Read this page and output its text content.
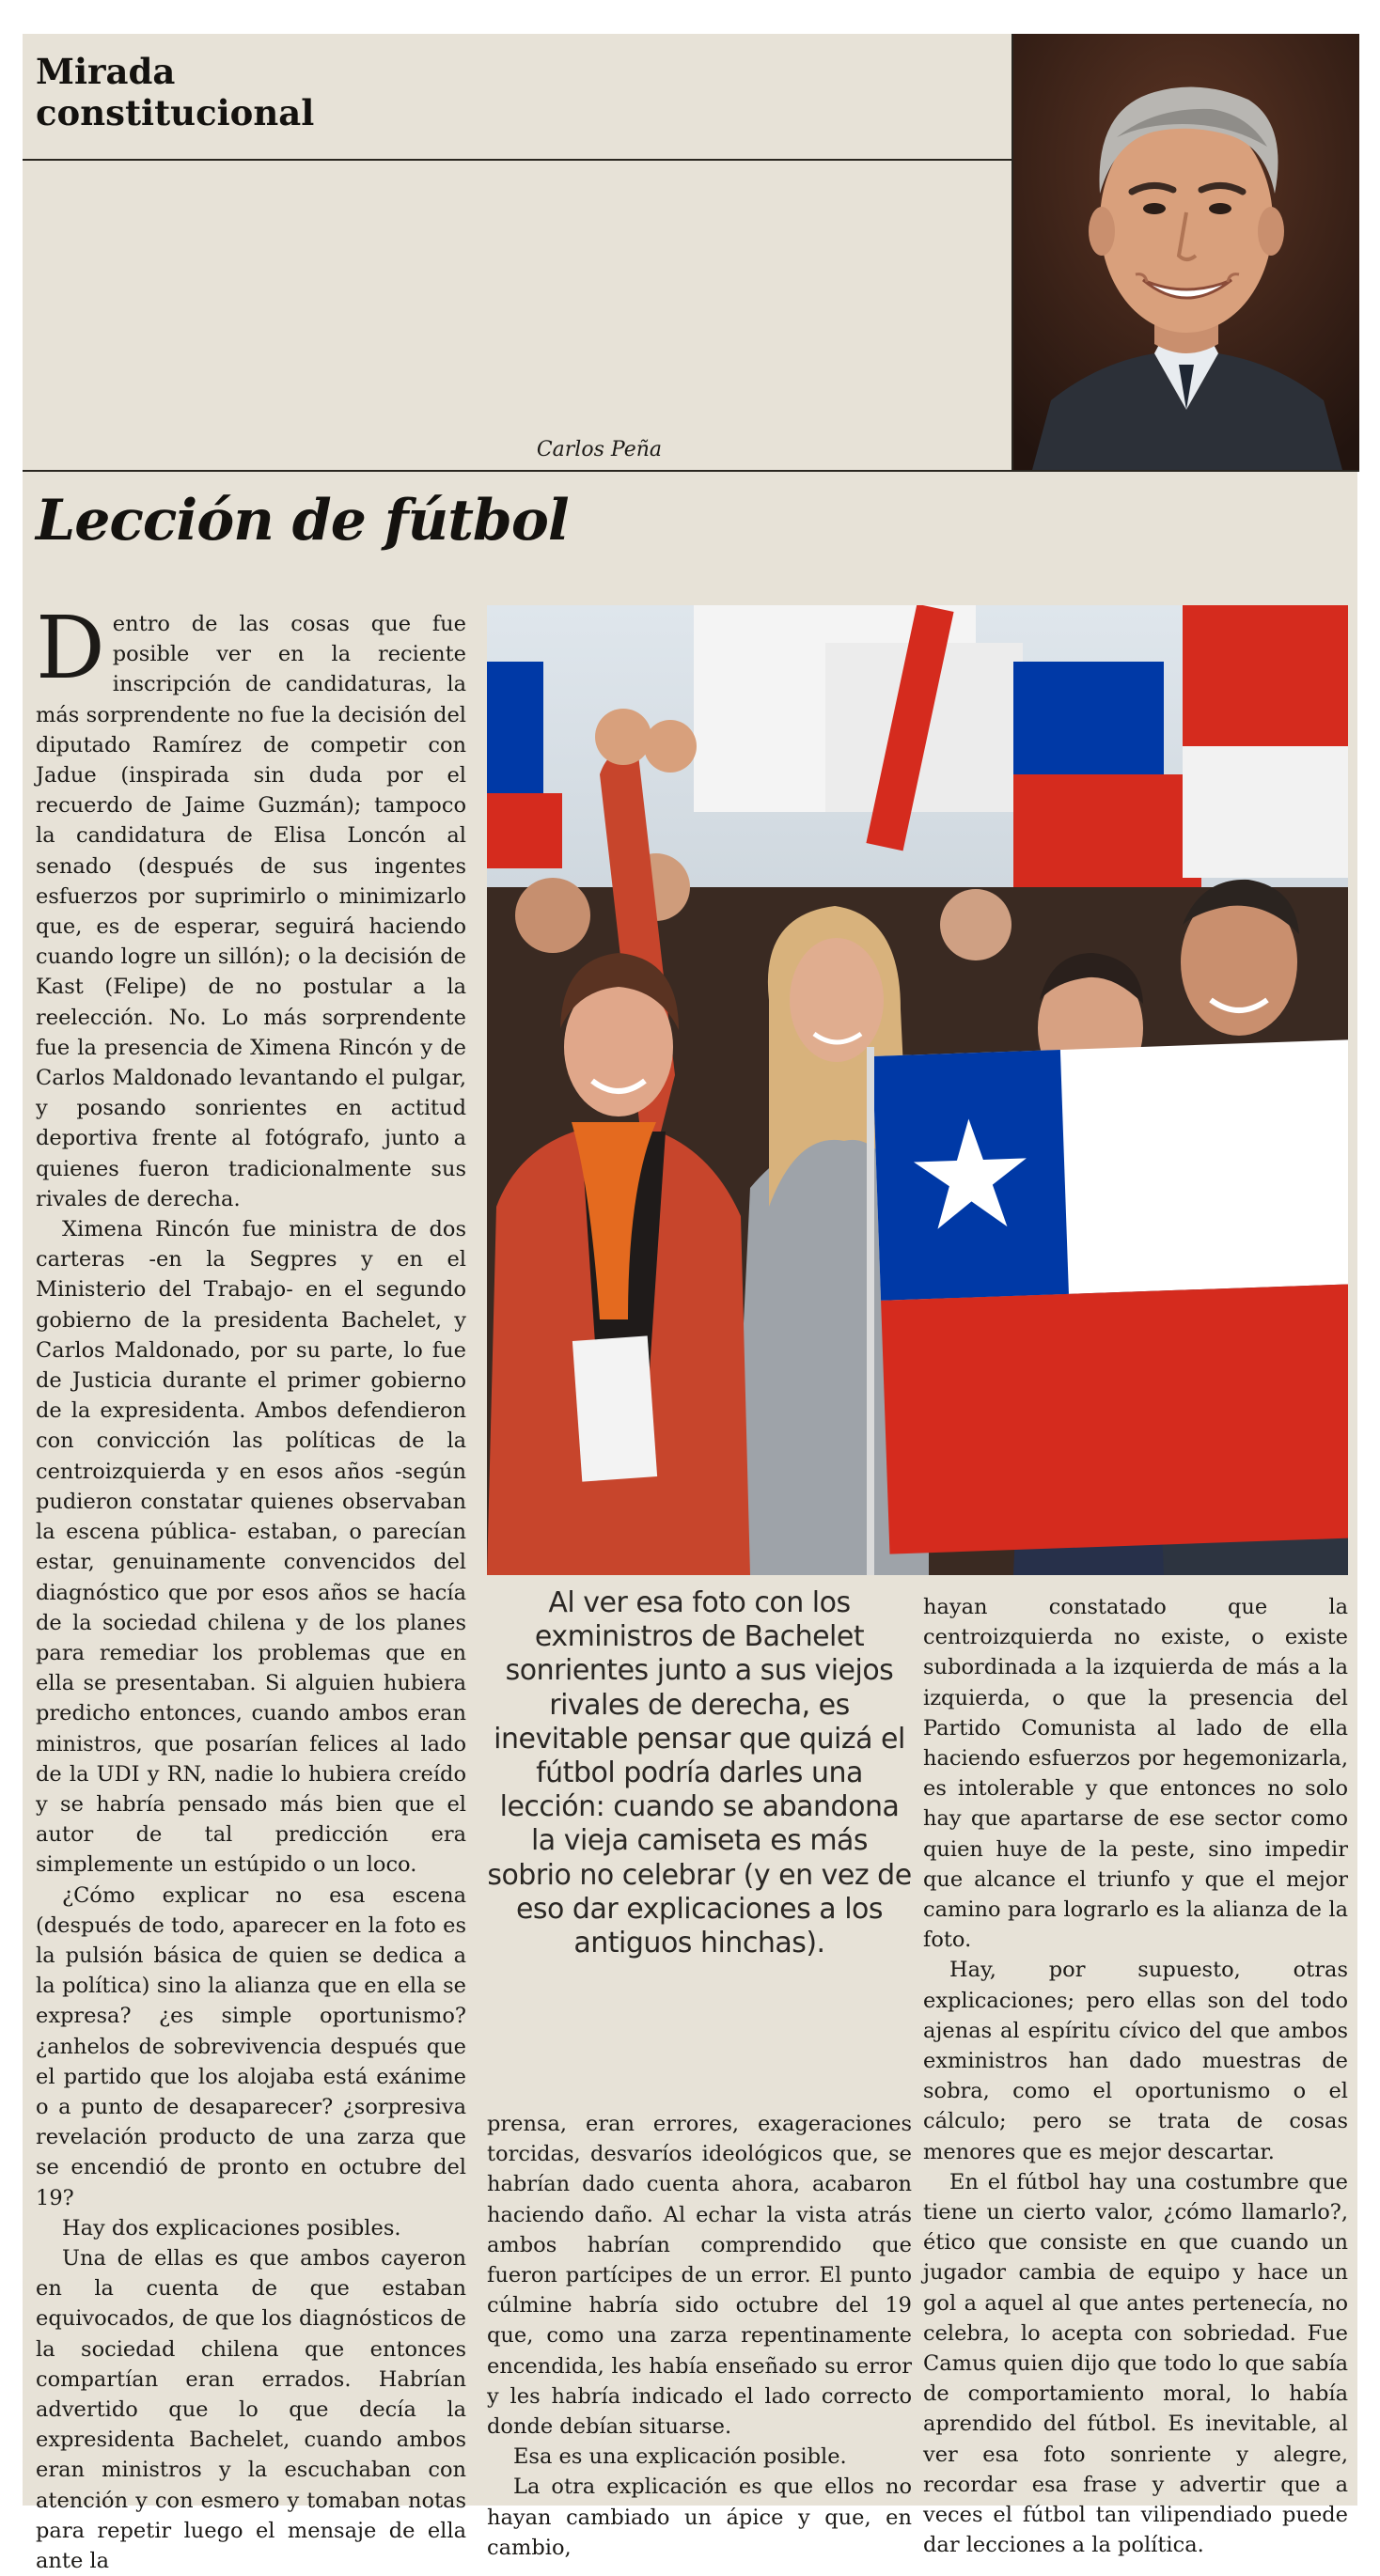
Mirada
constitucional
Carlos Peña
Lección de fútbol

Dentro de las cosas que fue posible ver en la reciente inscripción de candidaturas, la más sorprendente no fue la decisión del diputado Ramírez de competir con Jadue (inspirada sin duda por el recuerdo de Jaime Guzmán); tampoco la candidatura de Elisa Loncón al senado (después de sus ingentes esfuerzos por suprimirlo o minimizarlo que, es de esperar, seguirá haciendo cuando logre un sillón); o la decisión de Kast (Felipe) de no postular a la reelección. No. Lo más sorprendente fue la presencia de Ximena Rincón y de Carlos Maldonado levantando el pulgar, y posando sonrientes en actitud deportiva frente al fotógrafo, junto a quienes fueron tradicionalmente sus rivales de derecha.

Ximena Rincón fue ministra de dos carteras -en la Segpres y en el Ministerio del Trabajo- en el segundo gobierno de la presidenta Bachelet, y Carlos Maldonado, por su parte, lo fue de Justicia durante el primer gobierno de la expresidenta. Ambos defendieron con convicción las políticas de la centroizquierda y en esos años -según pudieron constatar quienes observaban la escena pública- estaban, o parecían estar, genuinamente convencidos del diagnóstico que por esos años se hacía de la sociedad chilena y de los planes para remediar los problemas que en ella se presentaban. Si alguien hubiera predicho entonces, cuando ambos eran ministros, que posarían felices al lado de la UDI y RN, nadie lo hubiera creído y se habría pensado más bien que el autor de tal predicción era simplemente un estúpido o un loco.

¿Cómo explicar no esa escena (después de todo, aparecer en la foto es la pulsión básica de quien se dedica a la política) sino la alianza que en ella se expresa? ¿es simple oportunismo? ¿anhelos de sobrevivencia después que el partido que los alojaba está exánime o a punto de desaparecer? ¿sorpresiva revelación producto de una zarza que se encendió de pronto en octubre del 19?

Hay dos explicaciones posibles.

Una de ellas es que ambos cayeron en la cuenta de que estaban equivocados, de que los diagnósticos de la sociedad chilena que entonces compartían eran errados. Habrían advertido que lo que decía la expresidenta Bachelet, cuando ambos eran ministros y la escuchaban con atención y con esmero y tomaban notas para repetir luego el mensaje de ella ante la

Al ver esa foto con los exministros de Bachelet sonrientes junto a sus viejos rivales de derecha, es inevitable pensar que quizá el fútbol podría darles una lección: cuando se abandona la vieja camiseta es más sobrio no celebrar (y en vez de eso dar explicaciones a los antiguos hinchas).

prensa, eran errores, exageraciones torcidas, desvaríos ideológicos que, se habrían dado cuenta ahora, acabaron haciendo daño. Al echar la vista atrás ambos habrían comprendido que fueron partícipes de un error. El punto cúlmine habría sido octubre del 19 que, como una zarza repentinamente encendida, les había enseñado su error y les habría indicado el lado correcto donde debían situarse.

Esa es una explicación posible.

La otra explicación es que ellos no hayan cambiado un ápice y que, en cambio,

hayan constatado que la centroizquierda no existe, o existe subordinada a la izquierda de más a la izquierda, o que la presencia del Partido Comunista al lado de ella haciendo esfuerzos por hegemonizarla, es intolerable y que entonces no solo hay que apartarse de ese sector como quien huye de la peste, sino impedir que alcance el triunfo y que el mejor camino para lograrlo es la alianza de la foto.

Hay, por supuesto, otras explicaciones; pero ellas son del todo ajenas al espíritu cívico del que ambos exministros han dado muestras de sobra, como el oportunismo o el cálculo; pero se trata de cosas menores que es mejor descartar.

En el fútbol hay una costumbre que tiene un cierto valor, ¿cómo llamarlo?, ético que consiste en que cuando un jugador cambia de equipo y hace un gol a aquel al que antes pertenecía, no celebra, lo acepta con sobriedad. Fue Camus quien dijo que todo lo que sabía de comportamiento moral, lo había aprendido del fútbol. Es inevitable, al ver esa foto sonriente y alegre, recordar esa frase y advertir que a veces el fútbol tan vilipendiado puede dar lecciones a la política.
